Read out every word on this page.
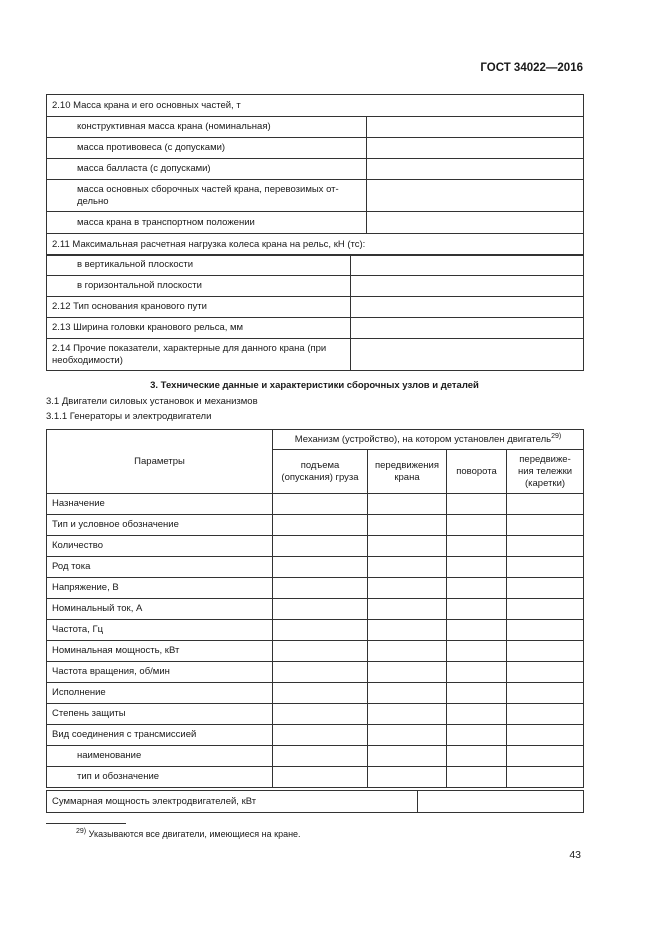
ГОСТ 34022—2016
2.10 Масса крана и его основных частей, т	
конструктивная масса крана (номинальная)	
масса противовеса (с допусками)	
масса балласта (с допусками)	
масса основных сборочных частей крана, перевозимых от-дельно	
масса крана в транспортном положении	
2.11 Максимальная расчетная нагрузка колеса крана на рельс, кН (тс):	
в вертикальной плоскости	
в горизонтальной плоскости	
2.12 Тип основания кранового пути	
2.13 Ширина головки кранового рельса, мм	
2.14 Прочие показатели, характерные для данного крана (при необходимости)	
3. Технические данные и характеристики сборочных узлов и деталей
3.1 Двигатели силовых установок и механизмов
3.1.1 Генераторы и электродвигатели
Параметры	Механизм (устройство), на котором установлен двигатель$^{29)}$
	подъема (опускания) груза	передвижения крана	поворота	передвиже-ния тележки (каретки)
Назначение				
Тип и условное обозначение				
Количество				
Род тока				
Напряжение, В				
Номинальный ток, А				
Частота, Гц				
Номинальная мощность, кВт				
Частота вращения, об/мин				
Исполнение				
Степень защиты				
Вид соединения с трансмиссией				
наименование				
тип и обозначение				
Суммарная мощность электродвигателей, кВт	
$^{29)}$ Указываются все двигатели, имеющиеся на кране.
43
